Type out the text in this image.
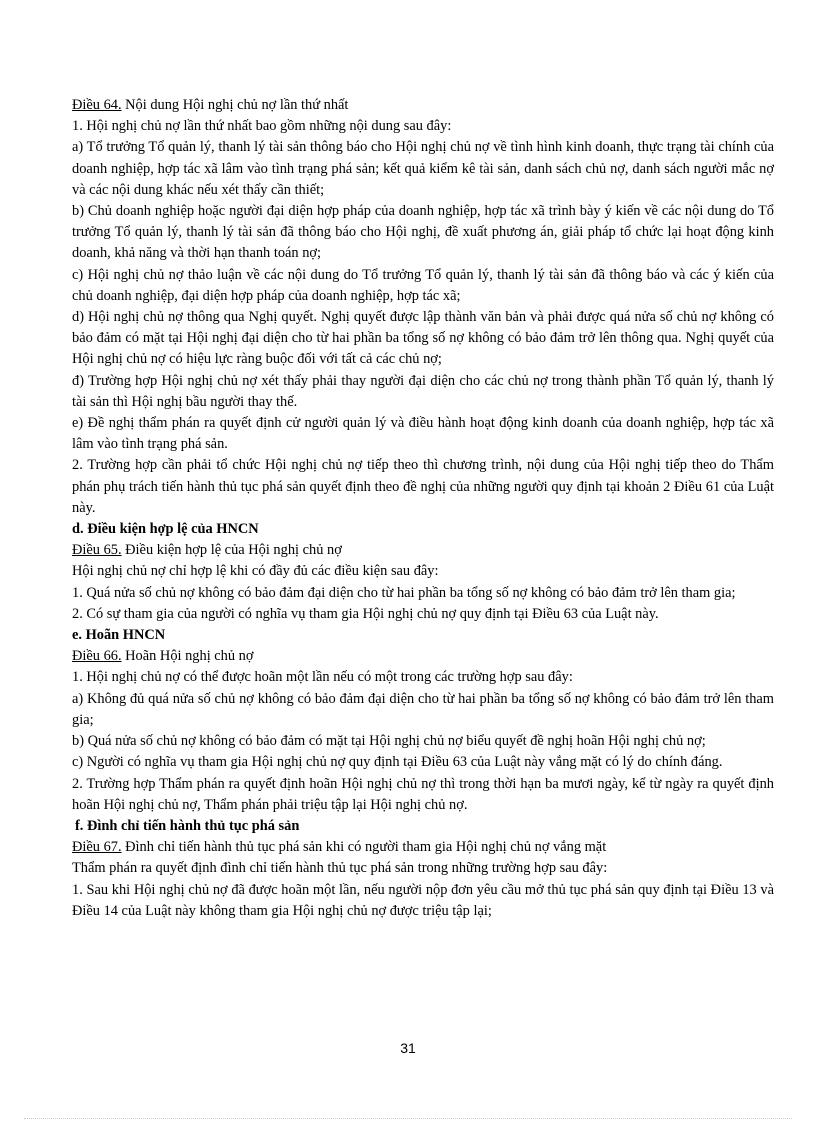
Điều 64. Nội dung Hội nghị chủ nợ lần thứ nhất

1. Hội nghị chủ nợ lần thứ nhất bao gồm những nội dung sau đây:

a) Tổ trưởng Tổ quản lý, thanh lý tài sản thông báo cho Hội nghị chủ nợ về tình hình kinh doanh, thực trạng tài chính của doanh nghiệp, hợp tác xã lâm vào tình trạng phá sản; kết quả kiểm kê tài sản, danh sách chủ nợ, danh sách người mắc nợ và các nội dung khác nếu xét thấy cần thiết;

b) Chủ doanh nghiệp hoặc người đại diện hợp pháp của doanh nghiệp, hợp tác xã trình bày ý kiến về các nội dung do Tổ trưởng Tổ quản lý, thanh lý tài sản đã thông báo cho Hội nghị, đề xuất phương án, giải pháp tổ chức lại hoạt động kinh doanh, khả năng và thời hạn thanh toán nợ;

c) Hội nghị chủ nợ thảo luận về các nội dung do Tổ trưởng Tổ quản lý, thanh lý tài sản đã thông báo và các ý kiến của chủ doanh nghiệp, đại diện hợp pháp của doanh nghiệp, hợp tác xã;

d) Hội nghị chủ nợ thông qua Nghị quyết. Nghị quyết được lập thành văn bản và phải được quá nửa số chủ nợ không có bảo đảm có mặt tại Hội nghị đại diện cho từ hai phần ba tổng số nợ không có bảo đảm trở lên thông qua. Nghị quyết của Hội nghị chủ nợ có hiệu lực ràng buộc đối với tất cả các chủ nợ;

đ) Trường hợp Hội nghị chủ nợ xét thấy phải thay người đại diện cho các chủ nợ trong thành phần Tổ quản lý, thanh lý tài sản thì Hội nghị bầu người thay thế.

e) Đề nghị thẩm phán ra quyết định cử người quản lý và điều hành hoạt động kinh doanh của doanh nghiệp, hợp tác xã lâm vào tình trạng phá sản.

2. Trường hợp cần phải tổ chức Hội nghị chủ nợ tiếp theo thì chương trình, nội dung của Hội nghị tiếp theo do Thẩm phán phụ trách tiến hành thủ tục phá sản quyết định theo đề nghị của những người quy định tại khoản 2 Điều 61 của Luật này.

d. Điều kiện hợp lệ của HNCN

Điều 65. Điều kiện hợp lệ của Hội nghị chủ nợ

Hội nghị chủ nợ chỉ hợp lệ khi có đầy đủ các điều kiện sau đây:

1. Quá nửa số chủ nợ không có bảo đảm đại diện cho từ hai phần ba tổng số nợ không có bảo đảm trở lên tham gia;

2. Có sự tham gia của người có nghĩa vụ tham gia Hội nghị chủ nợ quy định tại Điều 63 của Luật này.

e. Hoãn HNCN

Điều 66. Hoãn Hội nghị chủ nợ

1. Hội nghị chủ nợ có thể được hoãn một lần nếu có một trong các trường hợp sau đây:

a) Không đủ quá nửa số chủ nợ không có bảo đảm đại diện cho từ hai phần ba tổng số nợ không có bảo đảm trở lên tham gia;

b) Quá nửa số chủ nợ không có bảo đảm có mặt tại Hội nghị chủ nợ biểu quyết đề nghị hoãn Hội nghị chủ nợ;

c) Người có nghĩa vụ tham gia Hội nghị chủ nợ quy định tại Điều 63 của Luật này vắng mặt có lý do chính đáng.

2. Trường hợp Thẩm phán ra quyết định hoãn Hội nghị chủ nợ thì trong thời hạn ba mươi ngày, kể từ ngày ra quyết định hoãn Hội nghị chủ nợ, Thẩm phán phải triệu tập lại Hội nghị chủ nợ.

f. Đình chỉ tiến hành thủ tục phá sản

Điều 67. Đình chỉ tiến hành thủ tục phá sản khi có người tham gia Hội nghị chủ nợ vắng mặt

Thẩm phán ra quyết định đình chỉ tiến hành thủ tục phá sản trong những trường hợp sau đây:

1. Sau khi Hội nghị chủ nợ đã được hoãn một lần, nếu người nộp đơn yêu cầu mở thủ tục phá sản quy định tại Điều 13 và Điều 14 của Luật này không tham gia Hội nghị chủ nợ được triệu tập lại;

31
